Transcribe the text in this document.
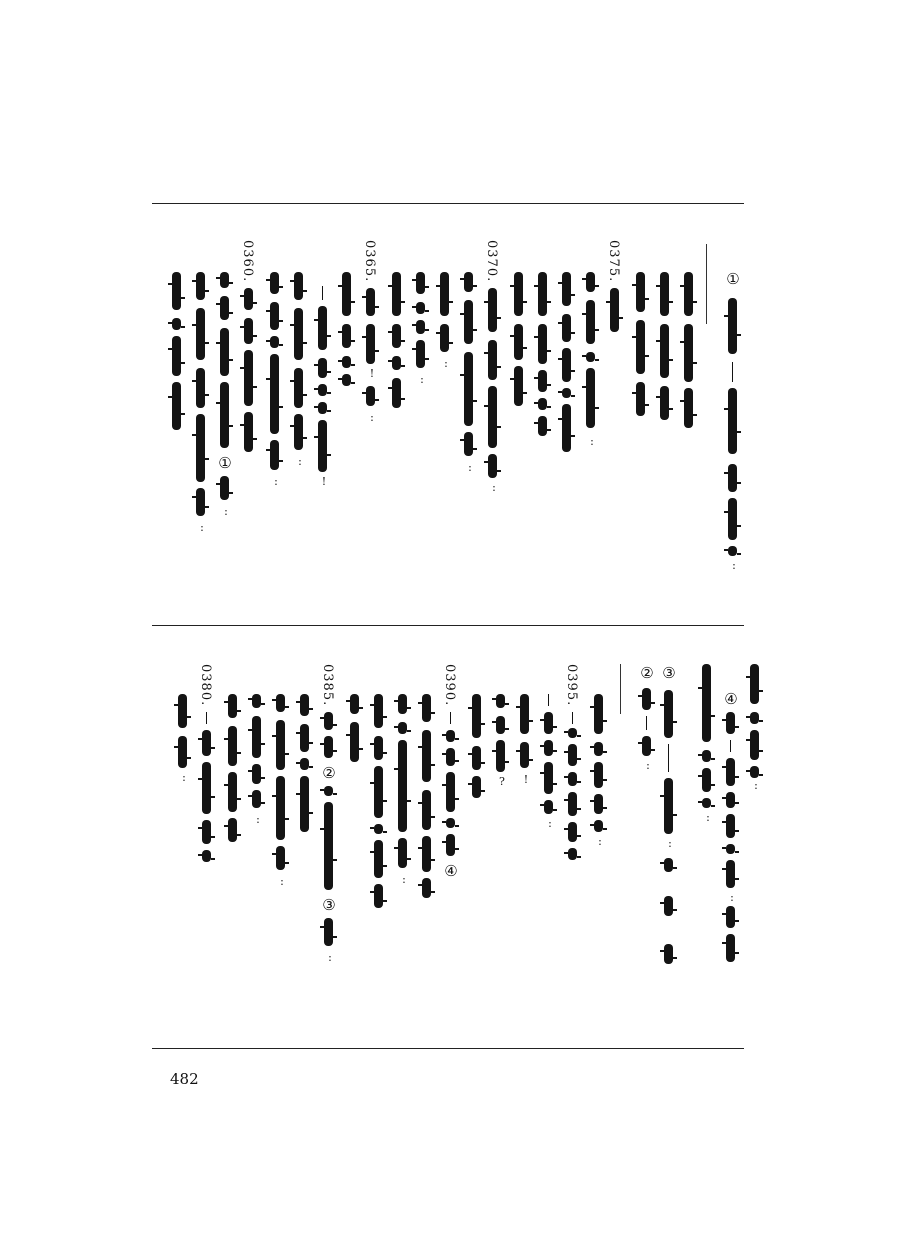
①
:
0375.
:
0370.
:
:
:
:
0365.
!
:
!
:
:
0360.
①
:
:
:
④
:
:
③
:
②
:
:
0395.
:
!
?
0390.
④
:
0385.
②
③
:
:
:
0380.
:
482
